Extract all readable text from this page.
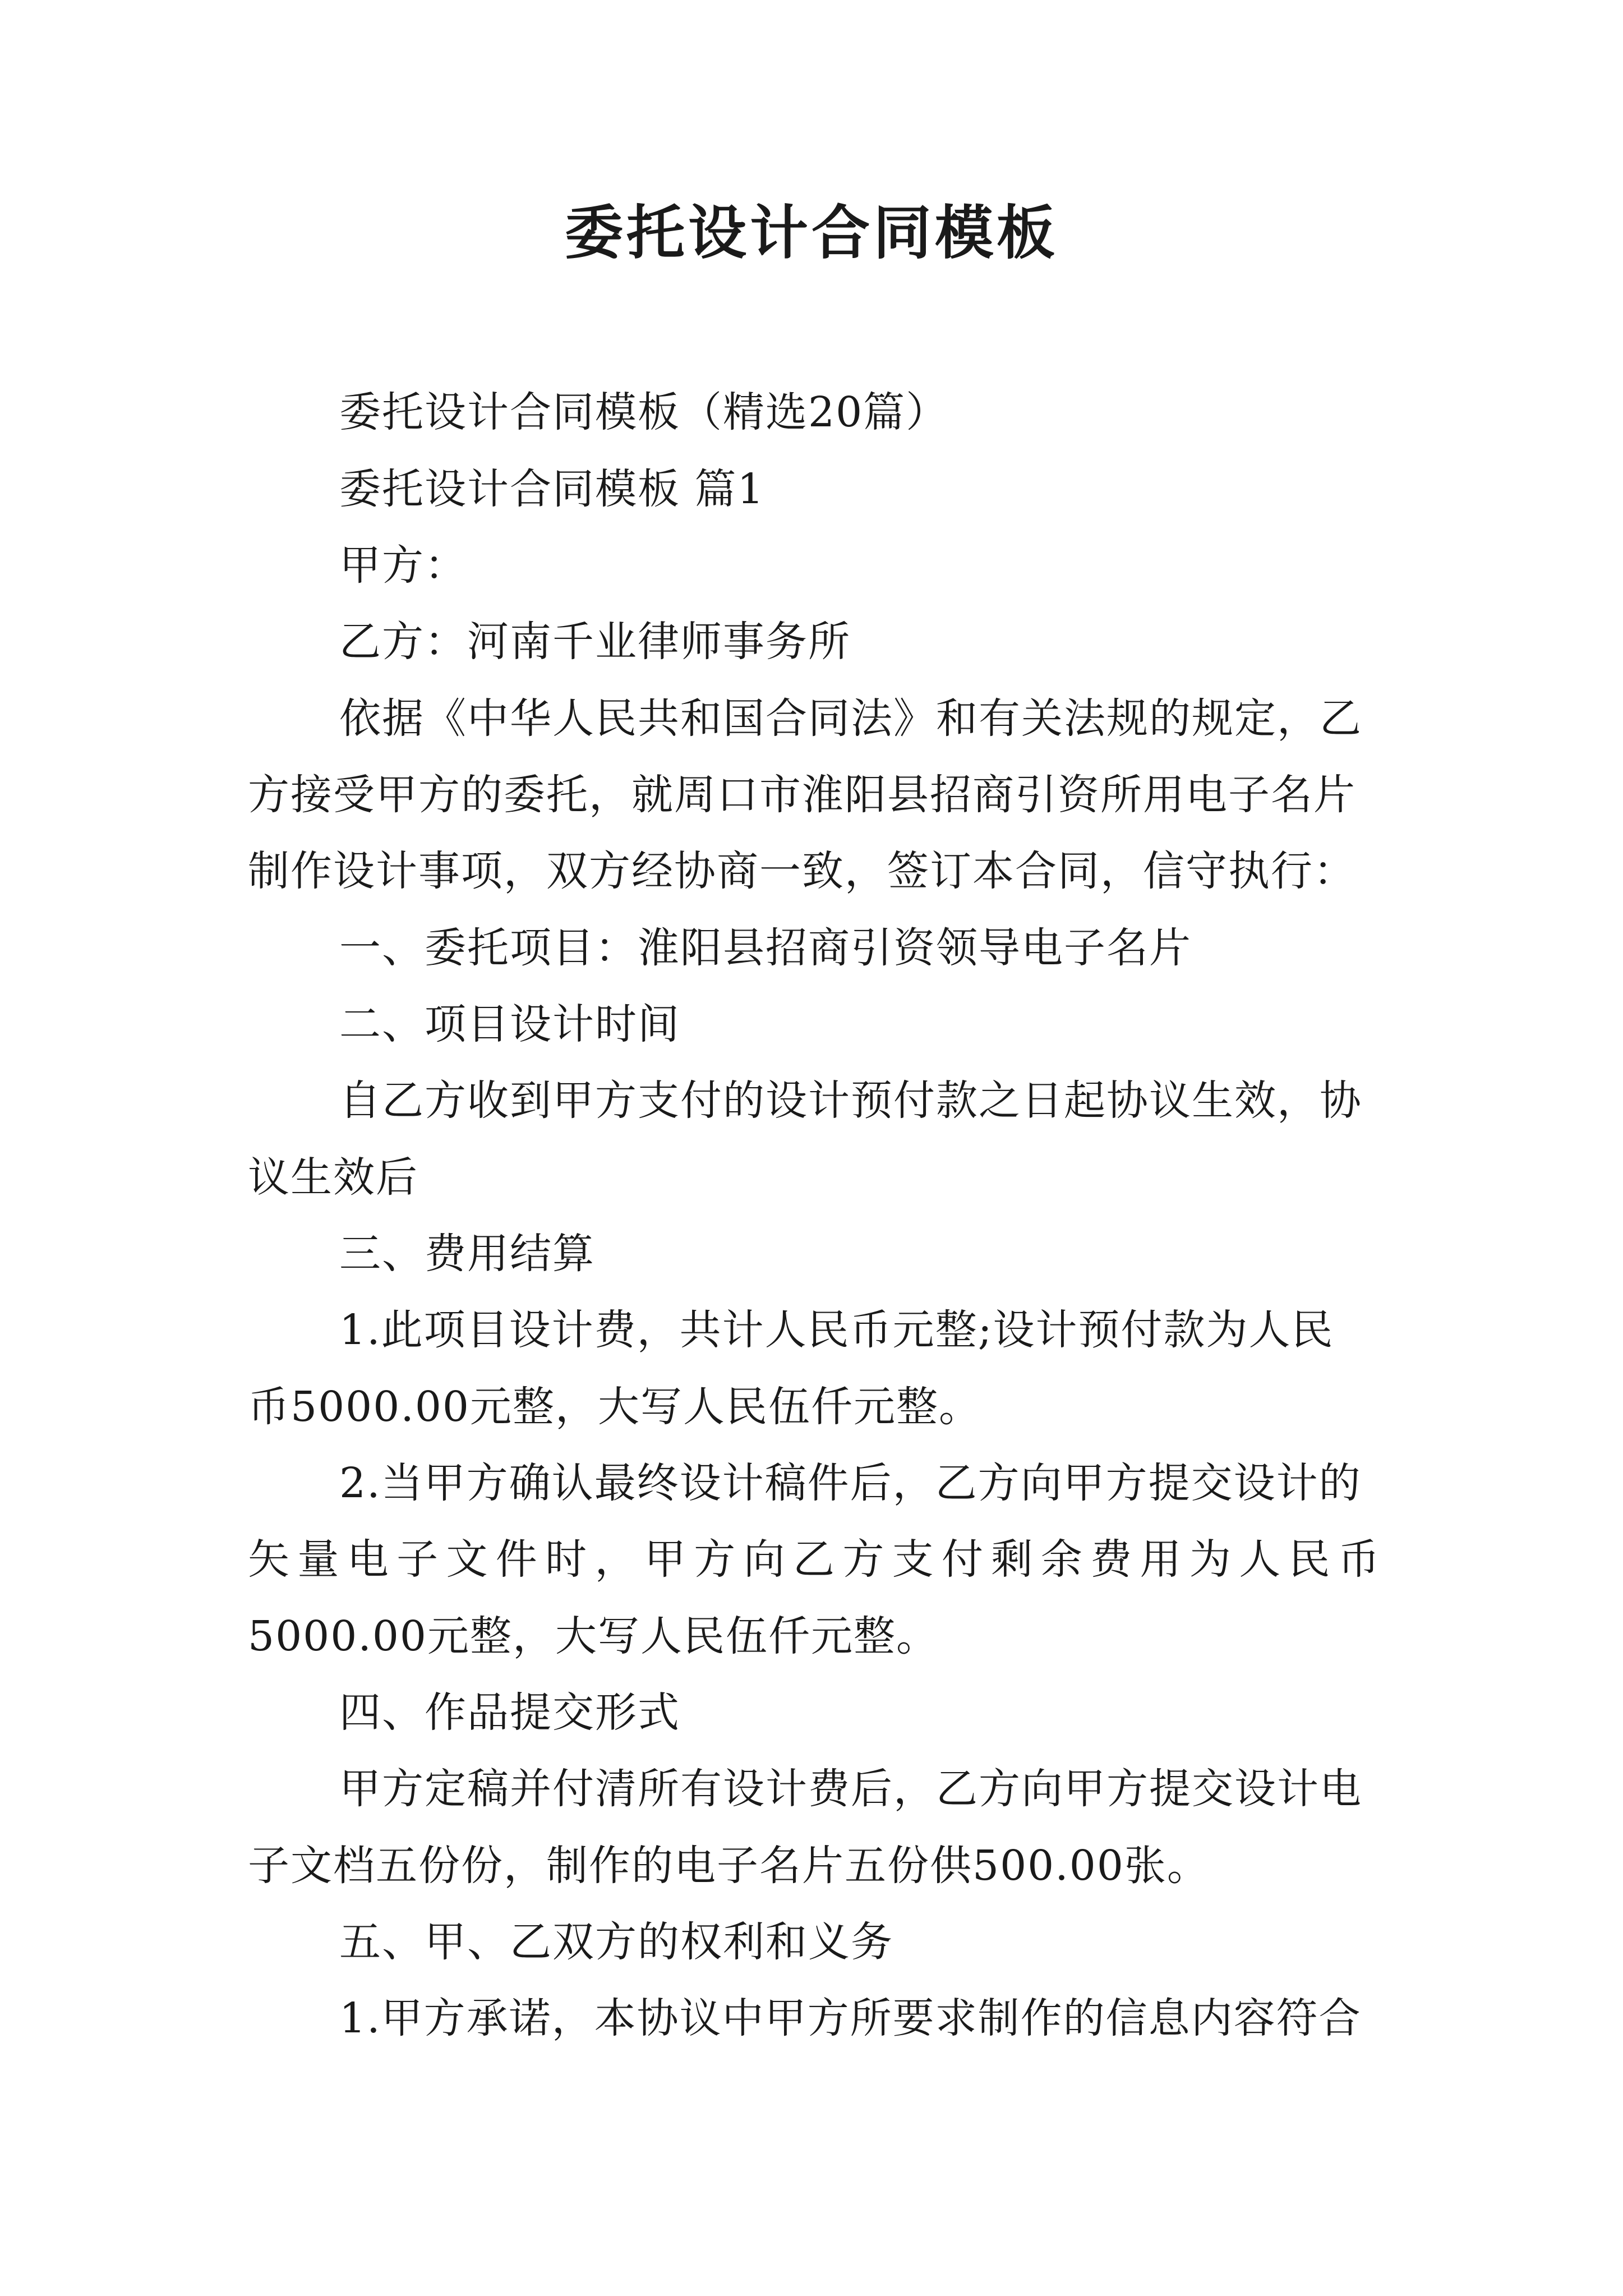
委托设计合同模板
委托设计合同模板（精选20篇）
委托设计合同模板 篇1
甲方：
乙方：河南千业律师事务所
依据《中华人民共和国合同法》和有关法规的规定，乙
方接受甲方的委托，就周口市淮阳县招商引资所用电子名片
制作设计事项，双方经协商一致，签订本合同，信守执行：
一、委托项目：淮阳县招商引资领导电子名片
二、项目设计时间
自乙方收到甲方支付的设计预付款之日起协议生效，协
议生效后
三、费用结算
1.此项目设计费，共计人民币元整;设计预付款为人民
币5000.00元整，大写人民伍仟元整。
2.当甲方确认最终设计稿件后，乙方向甲方提交设计的
矢 量 电 子 文 件 时 ， 甲 方 向 乙 方 支 付 剩 余 费 用 为 人 民 币
5000.00元整，大写人民伍仟元整。
四、作品提交形式
甲方定稿并付清所有设计费后，乙方向甲方提交设计电
子文档五份份，制作的电子名片五份供500.00张。
五、甲、乙双方的权利和义务
1.甲方承诺，本协议中甲方所要求制作的信息内容符合
